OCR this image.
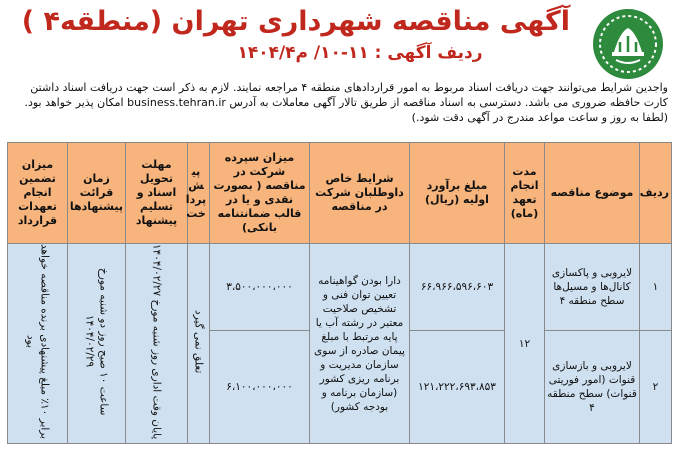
آگهی مناقصه شهرداری تهران (منطقه۴ )
ردیف آگهی : ۱۱-۱۰/ م۱۴۰۴/۴
واجدین شرایط می‌توانند جهت دریافت اسناد مربوط به امور قراردادهای منطقه ۴ مراجعه نمایند. لازم به ذکر است جهت دریافت اسناد داشتن
کارت حافظه ضروری می باشد. دسترسی به اسناد مناقصه از طریق تالار آگهی معاملات به آدرس business.tehran.ir امکان پذیر خواهد بود.
(لطفا به روز و ساعت مواعد مندرج در آگهی دقت شود.)
ردیف	موضوع مناقصه	مدت انجام تعهد (ماه)	مبلغ برآورد اولیه (ریال)	شرایط خاص داوطلبان شرکت در مناقصه	میزان سپرده شرکت در مناقصه ( بصورت نقدی و یا در قالب ضمانتنامه بانکی)	پیش پرداخت	مهلت تحویل اسناد و تسلیم پیشنهاد	زمان قرائت پیشنهادها	میزان تضمین انجام تعهدات قرارداد
۱	لایروبی و پاکسازی کانال‌ها و مسیل‌ها سطح منطقه ۴	۱۲	۶۶،۹۶۶،۵۹۶،۶۰۳	دارا بودن گواهینامه تعیین توان فنی و تشخیص صلاحیت معتبر در رشته آب یا پایه مرتبط با مبلغ پیمان صادره از سوی سازمان مدیریت و برنامه ریزی کشور (سازمان برنامه و بودجه کشور)	۳،۵۰۰،۰۰۰،۰۰۰	تعلق نمی گیرد	پایان وقت اداری روز شنبه مورخ ۱۴۰۴/۰۲/۲۷	ساعت ۱۰ صبح روز دو شنبه مورخ ۱۴۰۴/۰۲/۲۹	برابر ۱۰٪ مبلغ پیشنهادی برنده مناقصه خواهد بود
۲	لایروبی و بازسازی قنوات (امور فوریتی قنوات) سطح منطقه ۴		۱۲۱،۲۲۲،۶۹۳،۸۵۳		۶،۱۰۰،۰۰۰،۰۰۰				
